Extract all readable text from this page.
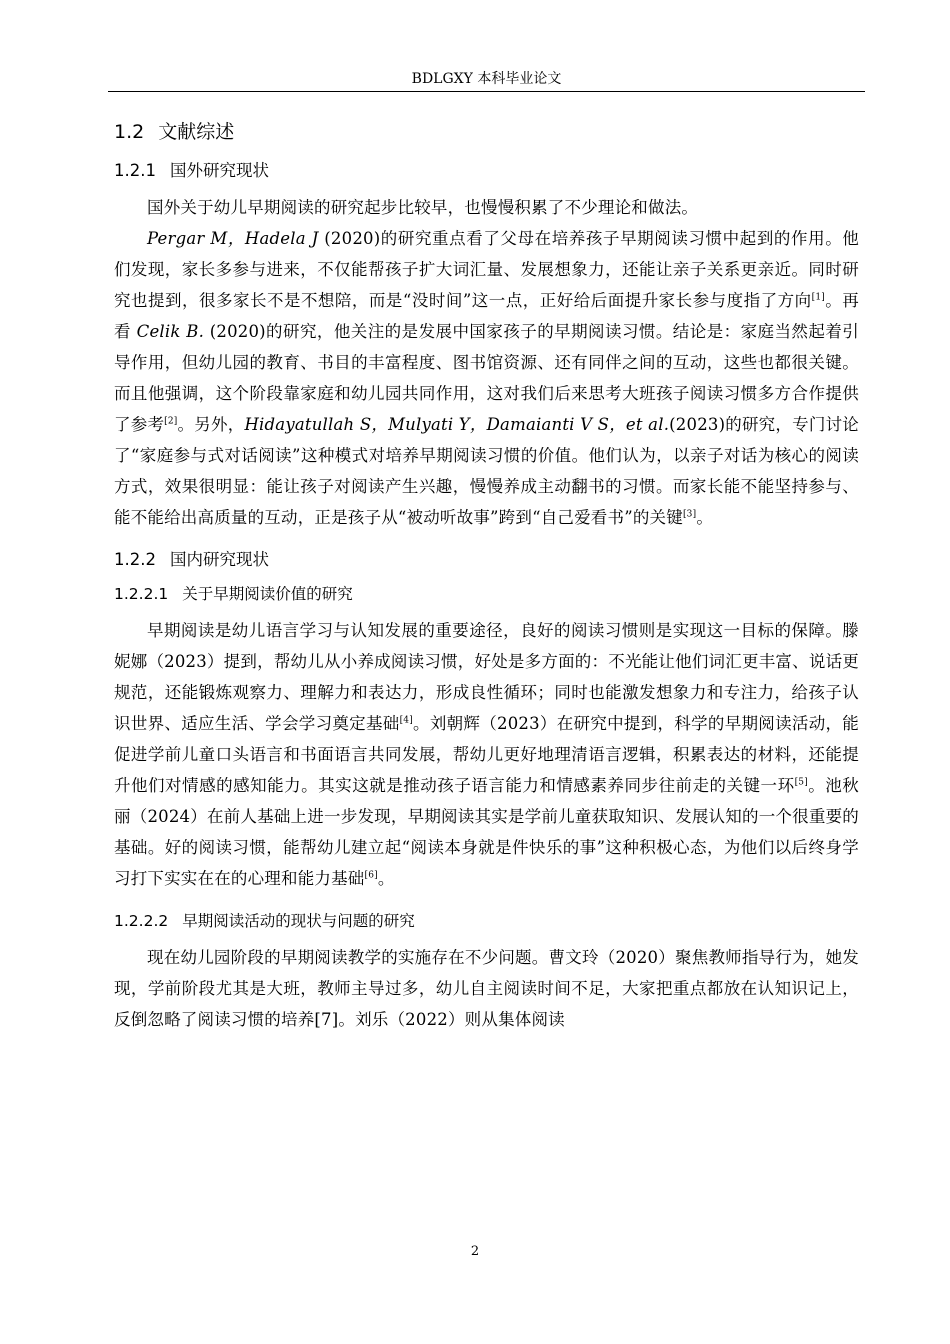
BDLGXY 本科毕业论文
1.2 文献综述
1.2.1 国外研究现状

国外关于幼儿早期阅读的研究起步比较早，也慢慢积累了不少理论和做法。

Pergar M，Hadela J (2020)的研究重点看了父母在培养孩子早期阅读习惯中起到的作用。他们发现，家长多参与进来，不仅能帮孩子扩大词汇量、发展想象力，还能让亲子关系更亲近。同时研究也提到，很多家长不是不想陪，而是“没时间”这一点，正好给后面提升家长参与度指了方向[1]。再看 Celik B. (2020)的研究，他关注的是发展中国家孩子的早期阅读习惯。结论是：家庭当然起着引导作用，但幼儿园的教育、书目的丰富程度、图书馆资源、还有同伴之间的互动，这些也都很关键。而且他强调，这个阶段靠家庭和幼儿园共同作用，这对我们后来思考大班孩子阅读习惯多方合作提供了参考[2]。另外，Hidayatullah S，Mulyati Y，Damaianti V S，et al.(2023)的研究，专门讨论了“家庭参与式对话阅读”这种模式对培养早期阅读习惯的价值。他们认为，以亲子对话为核心的阅读方式，效果很明显：能让孩子对阅读产生兴趣，慢慢养成主动翻书的习惯。而家长能不能坚持参与、能不能给出高质量的互动，正是孩子从“被动听故事”跨到“自己爱看书”的关键[3]。

1.2.2 国内研究现状
1.2.2.1 关于早期阅读价值的研究

早期阅读是幼儿语言学习与认知发展的重要途径，良好的阅读习惯则是实现这一目标的保障。滕妮娜（2023）提到，帮幼儿从小养成阅读习惯，好处是多方面的：不光能让他们词汇更丰富、说话更规范，还能锻炼观察力、理解力和表达力，形成良性循环；同时也能激发想象力和专注力，给孩子认识世界、适应生活、学会学习奠定基础[4]。刘朝辉（2023）在研究中提到，科学的早期阅读活动，能促进学前儿童口头语言和书面语言共同发展，帮幼儿更好地理清语言逻辑，积累表达的材料，还能提升他们对情感的感知能力。其实这就是推动孩子语言能力和情感素养同步往前走的关键一环[5]。池秋丽（2024）在前人基础上进一步发现，早期阅读其实是学前儿童获取知识、发展认知的一个很重要的基础。好的阅读习惯，能帮幼儿建立起“阅读本身就是件快乐的事”这种积极心态，为他们以后终身学习打下实实在在的心理和能力基础[6]。

1.2.2.2 早期阅读活动的现状与问题的研究

现在幼儿园阶段的早期阅读教学的实施存在不少问题。曹文玲（2020）聚焦教师指导行为，她发现，学前阶段尤其是大班，教师主导过多，幼儿自主阅读时间不足，大家把重点都放在认知识记上，反倒忽略了阅读习惯的培养[7]。刘乐（2022）则从集体阅读

2
